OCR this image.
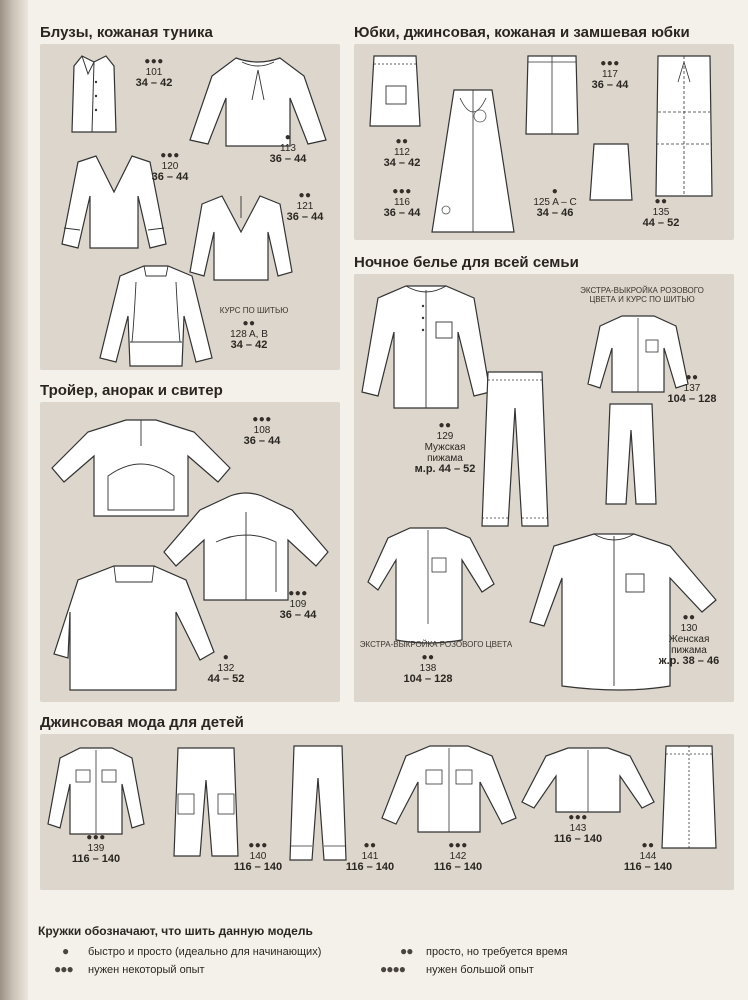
Блузы, кожаная туника	Юбки, джинсовая, кожаная и замшевая юбки
Тройер, анорак и свитер
Ночное белье для всей семьи
Джинсовая мода для детей
●●●
101
34 – 42
●
113
36 – 44
●●●
120
36 – 44
●●
121
36 – 44
КУРС ПО ШИТЬЮ
●●
128 A, B
34 – 42
●●
112
34 – 42
●●●
116
36 – 44
●●●
117
36 – 44
●
125 A – C
34 – 46
●●
135
44 – 52
●●●
108
36 – 44
●●●
109
36 – 44
●
132
44 – 52
●●
129
Мужская
пижама
м.р. 44 – 52
ЭКСТРА-ВЫКРОЙКА РОЗОВОГО
ЦВЕТА И КУРС ПО ШИТЬЮ
●●
137
104 – 128
ЭКСТРА-ВЫКРОЙКА РОЗОВОГО ЦВЕТА
●●
138
104 – 128
●●
130
Женская
пижама
ж.р. 38 – 46
●●●
139
116 – 140
●●●
140
116 – 140
●●
141
116 – 140
●●●
142
116 – 140
●●●
143
116 – 140
●●
144
116 – 140
Кружки обозначают, что шить данную модель
● быстро и просто (идеально для начинающих)	●● просто, но требуется время
●●● нужен некоторый опыт	●●●● нужен большой опыт
